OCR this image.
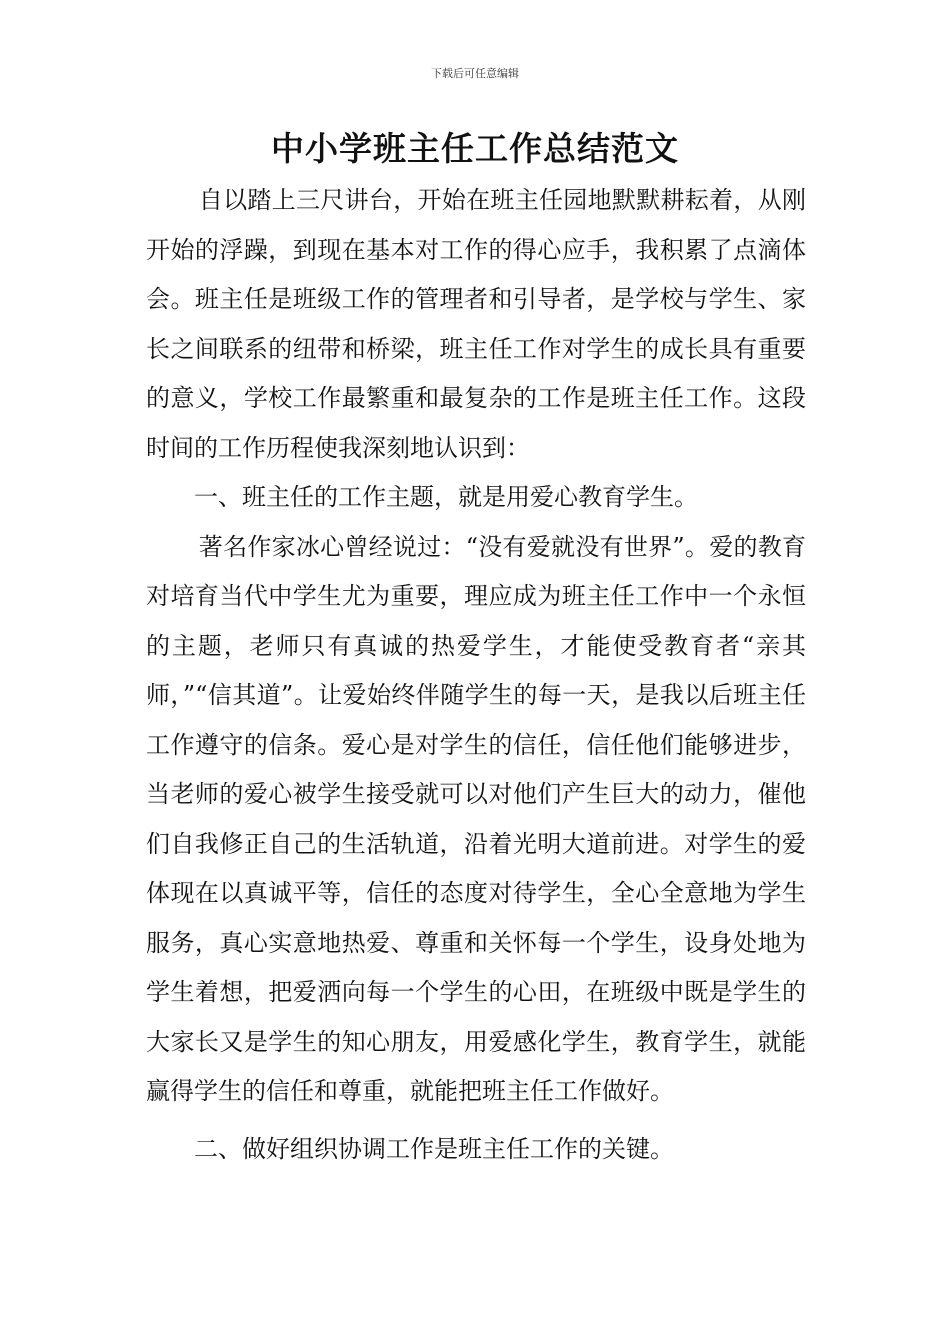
下载后可任意编辑
中小学班主任工作总结范文

自以踏上三尺讲台，开始在班主任园地默默耕耘着，从刚开始的浮躁，到现在基本对工作的得心应手，我积累了点滴体会。班主任是班级工作的管理者和引导者，是学校与学生、家长之间联系的纽带和桥梁，班主任工作对学生的成长具有重要的意义，学校工作最繁重和最复杂的工作是班主任工作。这段时间的工作历程使我深刻地认识到：

一、班主任的工作主题，就是用爱心教育学生。

著名作家冰心曾经说过：“没有爱就没有世界”。爱的教育对培育当代中学生尤为重要，理应成为班主任工作中一个永恒的主题，老师只有真诚的热爱学生，才能使受教育者“亲其师，”“信其道”。让爱始终伴随学生的每一天，是我以后班主任工作遵守的信条。爱心是对学生的信任，信任他们能够进步，当老师的爱心被学生接受就可以对他们产生巨大的动力，催他们自我修正自己的生活轨道，沿着光明大道前进。对学生的爱体现在以真诚平等，信任的态度对待学生，全心全意地为学生服务，真心实意地热爱、尊重和关怀每一个学生，设身处地为学生着想，把爱洒向每一个学生的心田，在班级中既是学生的大家长又是学生的知心朋友，用爱感化学生，教育学生，就能赢得学生的信任和尊重，就能把班主任工作做好。

二、做好组织协调工作是班主任工作的关键。
